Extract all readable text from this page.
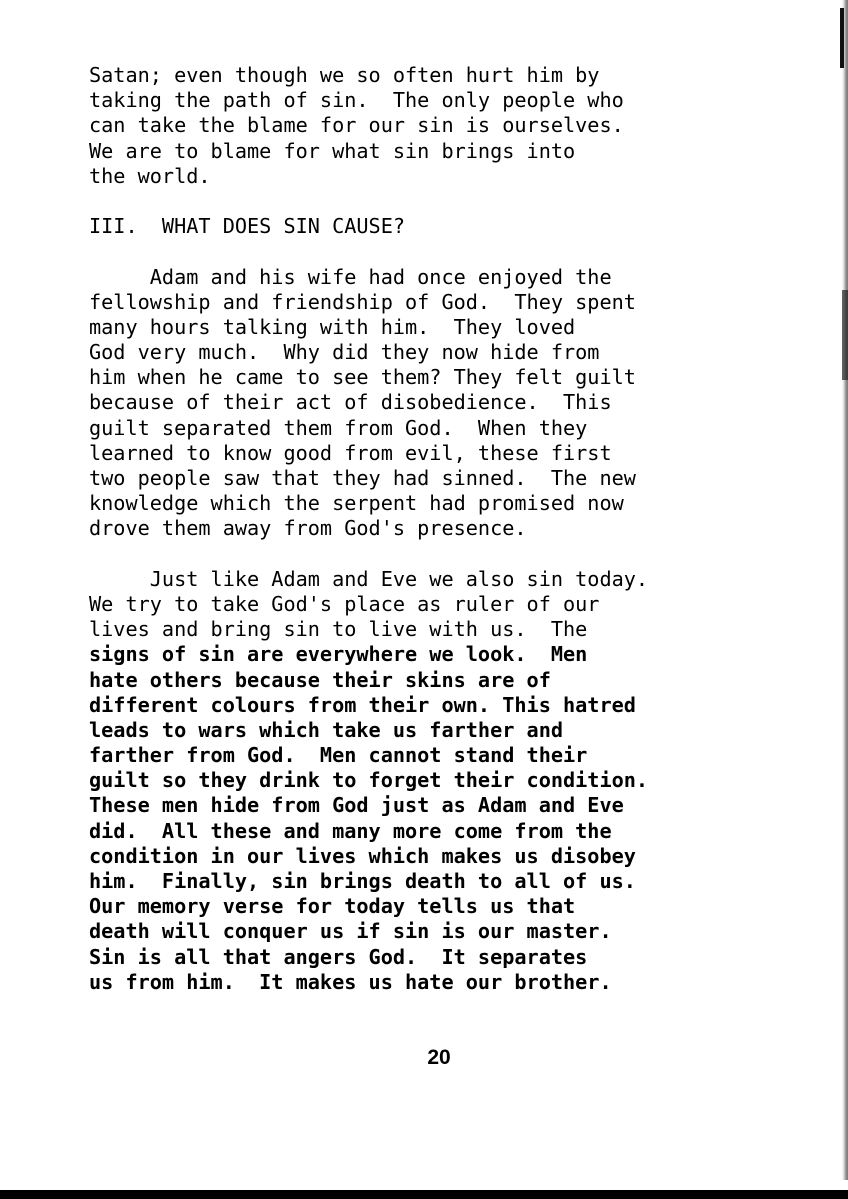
Satan; even though we so often hurt him by
taking the path of sin.  The only people who
can take the blame for our sin is ourselves.
We are to blame for what sin brings into
the world.

III.  WHAT DOES SIN CAUSE?

Adam and his wife had once enjoyed the
fellowship and friendship of God.  They spent
many hours talking with him.  They loved
God very much.  Why did they now hide from
him when he came to see them? They felt guilt
because of their act of disobedience.  This
guilt separated them from God.  When they
learned to know good from evil, these first
two people saw that they had sinned.  The new
knowledge which the serpent had promised now
drove them away from God's presence.

Just like Adam and Eve we also sin today.
We try to take God's place as ruler of our
lives and bring sin to live with us.  The
signs of sin are everywhere we look.  Men
hate others because their skins are of
different colours from their own. This hatred
leads to wars which take us farther and
farther from God.  Men cannot stand their
guilt so they drink to forget their condition.
These men hide from God just as Adam and Eve
did.  All these and many more come from the
condition in our lives which makes us disobey
him.  Finally, sin brings death to all of us.
Our memory verse for today tells us that
death will conquer us if sin is our master.
Sin is all that angers God.  It separates
us from him.  It makes us hate our brother.
20
